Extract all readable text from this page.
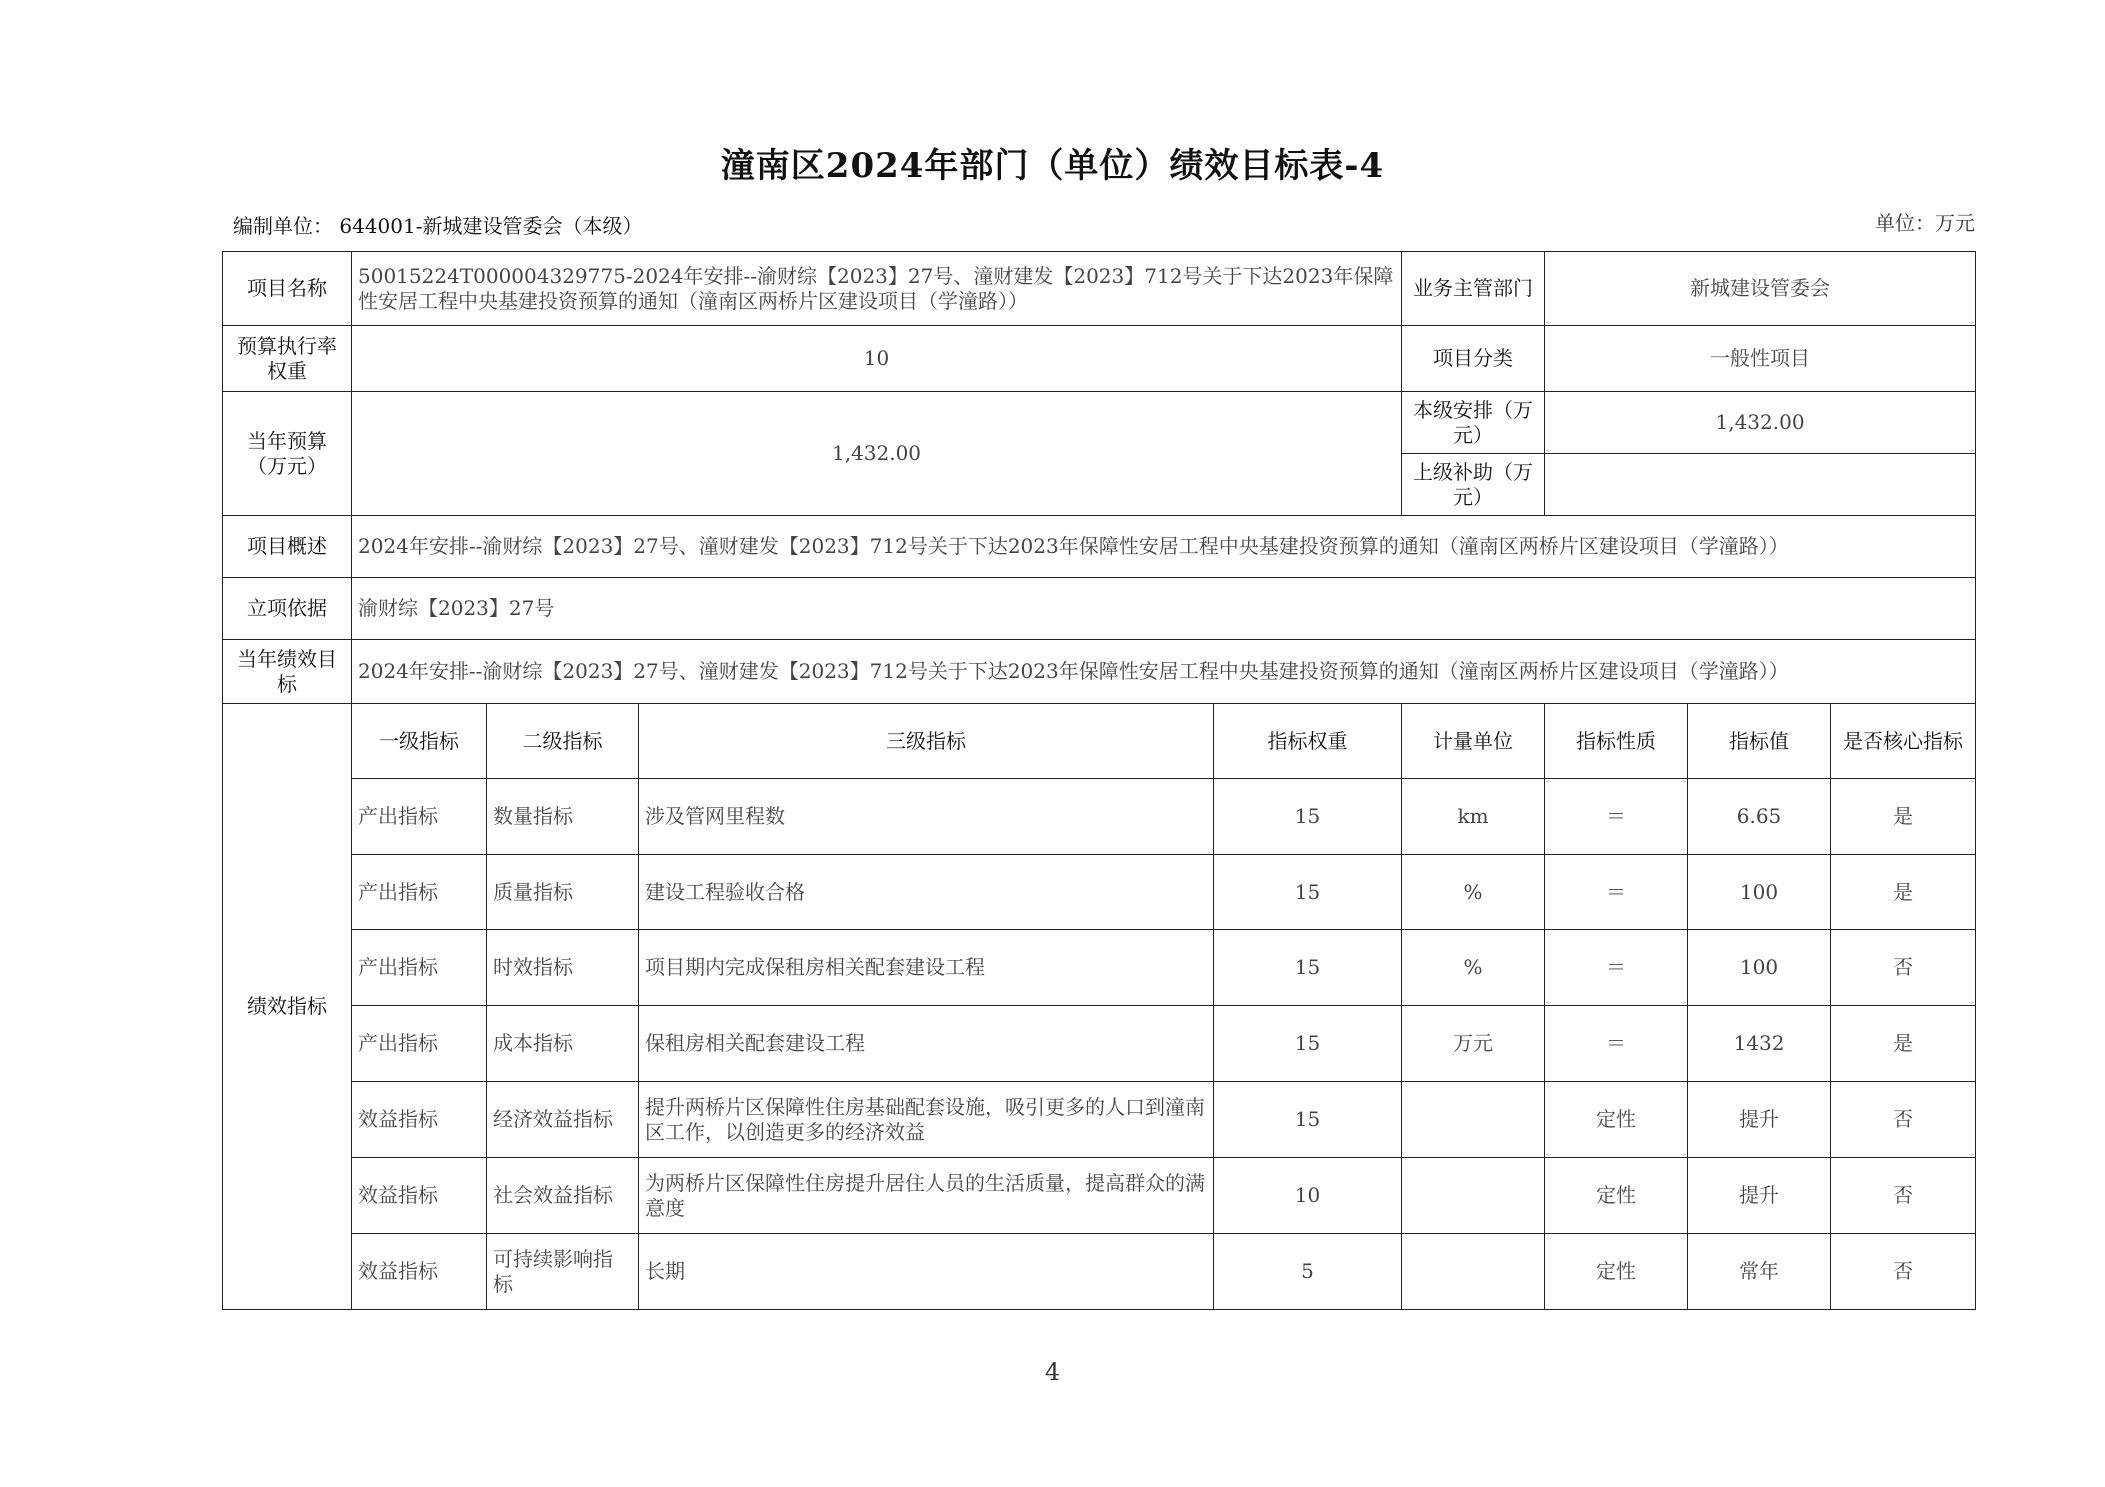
潼南区2024年部门（单位）绩效目标表-4
编制单位： 644001-新城建设管委会（本级）	单位：万元
项目名称	50015224T000004329775-2024年安排--渝财综【2023】27号、潼财建发【2023】712号关于下达2023年保障性安居工程中央基建投资预算的通知（潼南区两桥片区建设项目（学潼路））				业务主管部门	新城建设管委会		
预算执行率权重	10				项目分类	一般性项目		
当年预算（万元）	1,432.00				本级安排（万元）	1,432.00		
					上级补助（万元）			
项目概述	2024年安排--渝财综【2023】27号、潼财建发【2023】712号关于下达2023年保障性安居工程中央基建投资预算的通知（潼南区两桥片区建设项目（学潼路））							
立项依据	渝财综【2023】27号							
当年绩效目标	2024年安排--渝财综【2023】27号、潼财建发【2023】712号关于下达2023年保障性安居工程中央基建投资预算的通知（潼南区两桥片区建设项目（学潼路））							
绩效指标	一级指标	二级指标	三级指标	指标权重	计量单位	指标性质	指标值	是否核心指标
	产出指标	数量指标	涉及管网里程数	15	km	＝	6.65	是
	产出指标	质量指标	建设工程验收合格	15	%	＝	100	是
	产出指标	时效指标	项目期内完成保租房相关配套建设工程	15	%	＝	100	否
	产出指标	成本指标	保租房相关配套建设工程	15	万元	＝	1432	是
	效益指标	经济效益指标	提升两桥片区保障性住房基础配套设施，吸引更多的人口到潼南区工作，以创造更多的经济效益	15		定性	提升	否
	效益指标	社会效益指标	为两桥片区保障性住房提升居住人员的生活质量，提高群众的满意度	10		定性	提升	否
	效益指标	可持续影响指标	长期	5		定性	常年	否
4
